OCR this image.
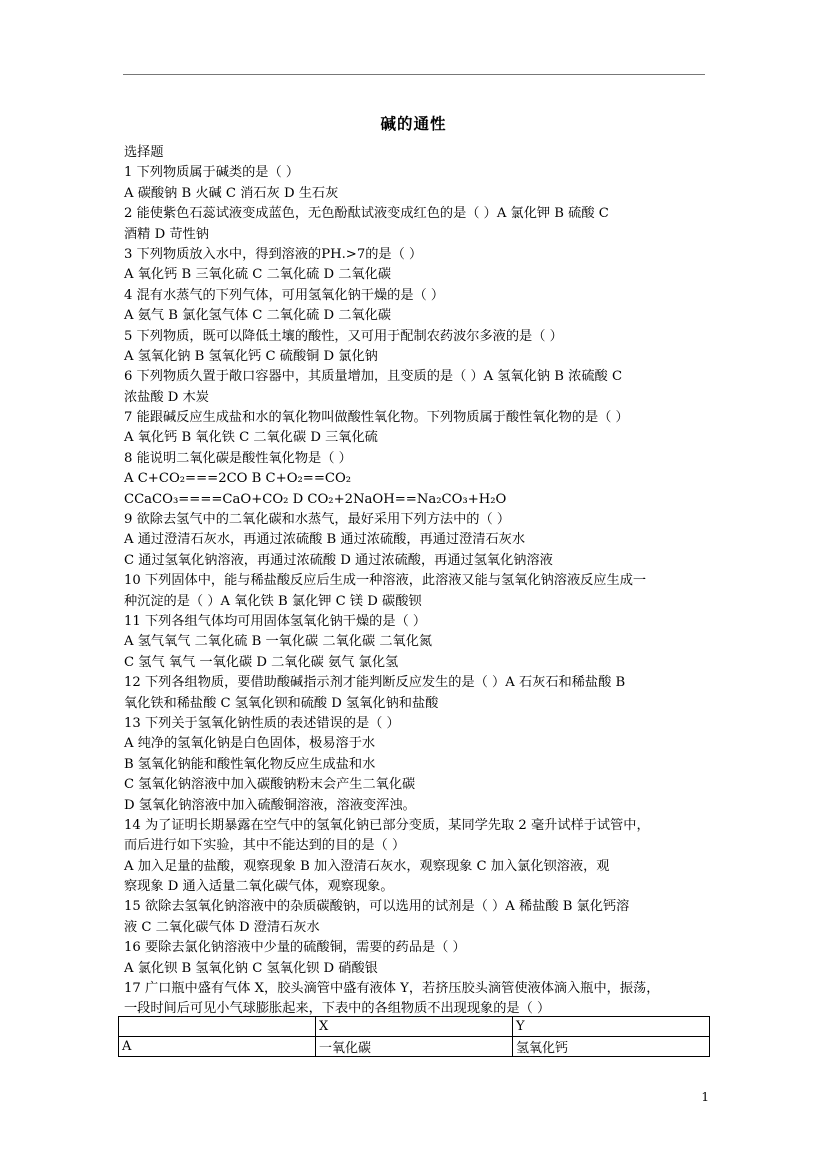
碱的通性
选择题
1 下列物质属于碱类的是（ ）
A 碳酸钠 B 火碱 C 消石灰 D 生石灰
2 能使紫色石蕊试液变成蓝色，无色酚酞试液变成红色的是（ ）A 氯化钾 B 硫酸 C
酒精 D 苛性钠
3 下列物质放入水中，得到溶液的PH.>7的是（ ）
A 氧化钙 B 三氧化硫 C 二氧化硫 D 二氧化碳
4 混有水蒸气的下列气体，可用氢氧化钠干燥的是（ ）
A 氨气 B 氯化氢气体 C 二氧化硫 D 二氧化碳
5 下列物质，既可以降低土壤的酸性，又可用于配制农药波尔多液的是（ ）
A 氢氧化钠 B 氢氧化钙 C 硫酸铜 D 氯化钠
6 下列物质久置于敞口容器中，其质量增加，且变质的是（ ）A 氢氧化钠 B 浓硫酸 C
浓盐酸 D 木炭
7 能跟碱反应生成盐和水的氧化物叫做酸性氧化物。下列物质属于酸性氧化物的是（ ）
A 氧化钙 B 氧化铁 C 二氧化碳 D 三氧化硫
8 能说明二氧化碳是酸性氧化物是（ ）
A C+CO₂===2CO B C+O₂==CO₂
CCaCO₃====CaO+CO₂ D CO₂+2NaOH==Na₂CO₃+H₂O
9 欲除去氢气中的二氧化碳和水蒸气，最好采用下列方法中的（ ）
A 通过澄清石灰水，再通过浓硫酸 B 通过浓硫酸，再通过澄清石灰水
C 通过氢氧化钠溶液，再通过浓硫酸 D 通过浓硫酸，再通过氢氧化钠溶液
10 下列固体中，能与稀盐酸反应后生成一种溶液，此溶液又能与氢氧化钠溶液反应生成一
种沉淀的是（ ）A 氧化铁 B 氯化钾 C 镁 D 碳酸钡
11 下列各组气体均可用固体氢氧化钠干燥的是（ ）
A 氢气氧气 二氧化硫 B 一氧化碳 二氧化碳 二氧化氮
C 氢气 氧气 一氧化碳 D 二氧化碳 氨气 氯化氢
12 下列各组物质，要借助酸碱指示剂才能判断反应发生的是（ ）A 石灰石和稀盐酸 B
氧化铁和稀盐酸 C 氢氧化钡和硫酸 D 氢氧化钠和盐酸
13 下列关于氢氧化钠性质的表述错误的是（ ）
A 纯净的氢氧化钠是白色固体，极易溶于水
B 氢氧化钠能和酸性氧化物反应生成盐和水
C 氢氧化钠溶液中加入碳酸钠粉末会产生二氧化碳
D 氢氧化钠溶液中加入硫酸铜溶液，溶液变浑浊。
14 为了证明长期暴露在空气中的氢氧化钠已部分变质，某同学先取 2 毫升试样于试管中，
而后进行如下实验，其中不能达到的目的是（ ）
A 加入足量的盐酸，观察现象 B 加入澄清石灰水，观察现象 C 加入氯化钡溶液，观
察现象 D 通入适量二氧化碳气体，观察现象。
15 欲除去氢氧化钠溶液中的杂质碳酸钠，可以选用的试剂是（ ）A 稀盐酸 B 氯化钙溶
液 C 二氧化碳气体 D 澄清石灰水
16 要除去氯化钠溶液中少量的硫酸铜，需要的药品是（ ）
A 氯化钡 B 氢氧化钠 C 氢氧化钡 D 硝酸银
17 广口瓶中盛有气体 X，胶头滴管中盛有液体 Y，若挤压胶头滴管使液体滴入瓶中，振荡，
一段时间后可见小气球膨胀起来，下表中的各组物质不出现现象的是（ ）
	X	Y
A	一氧化碳	氢氧化钙
1
